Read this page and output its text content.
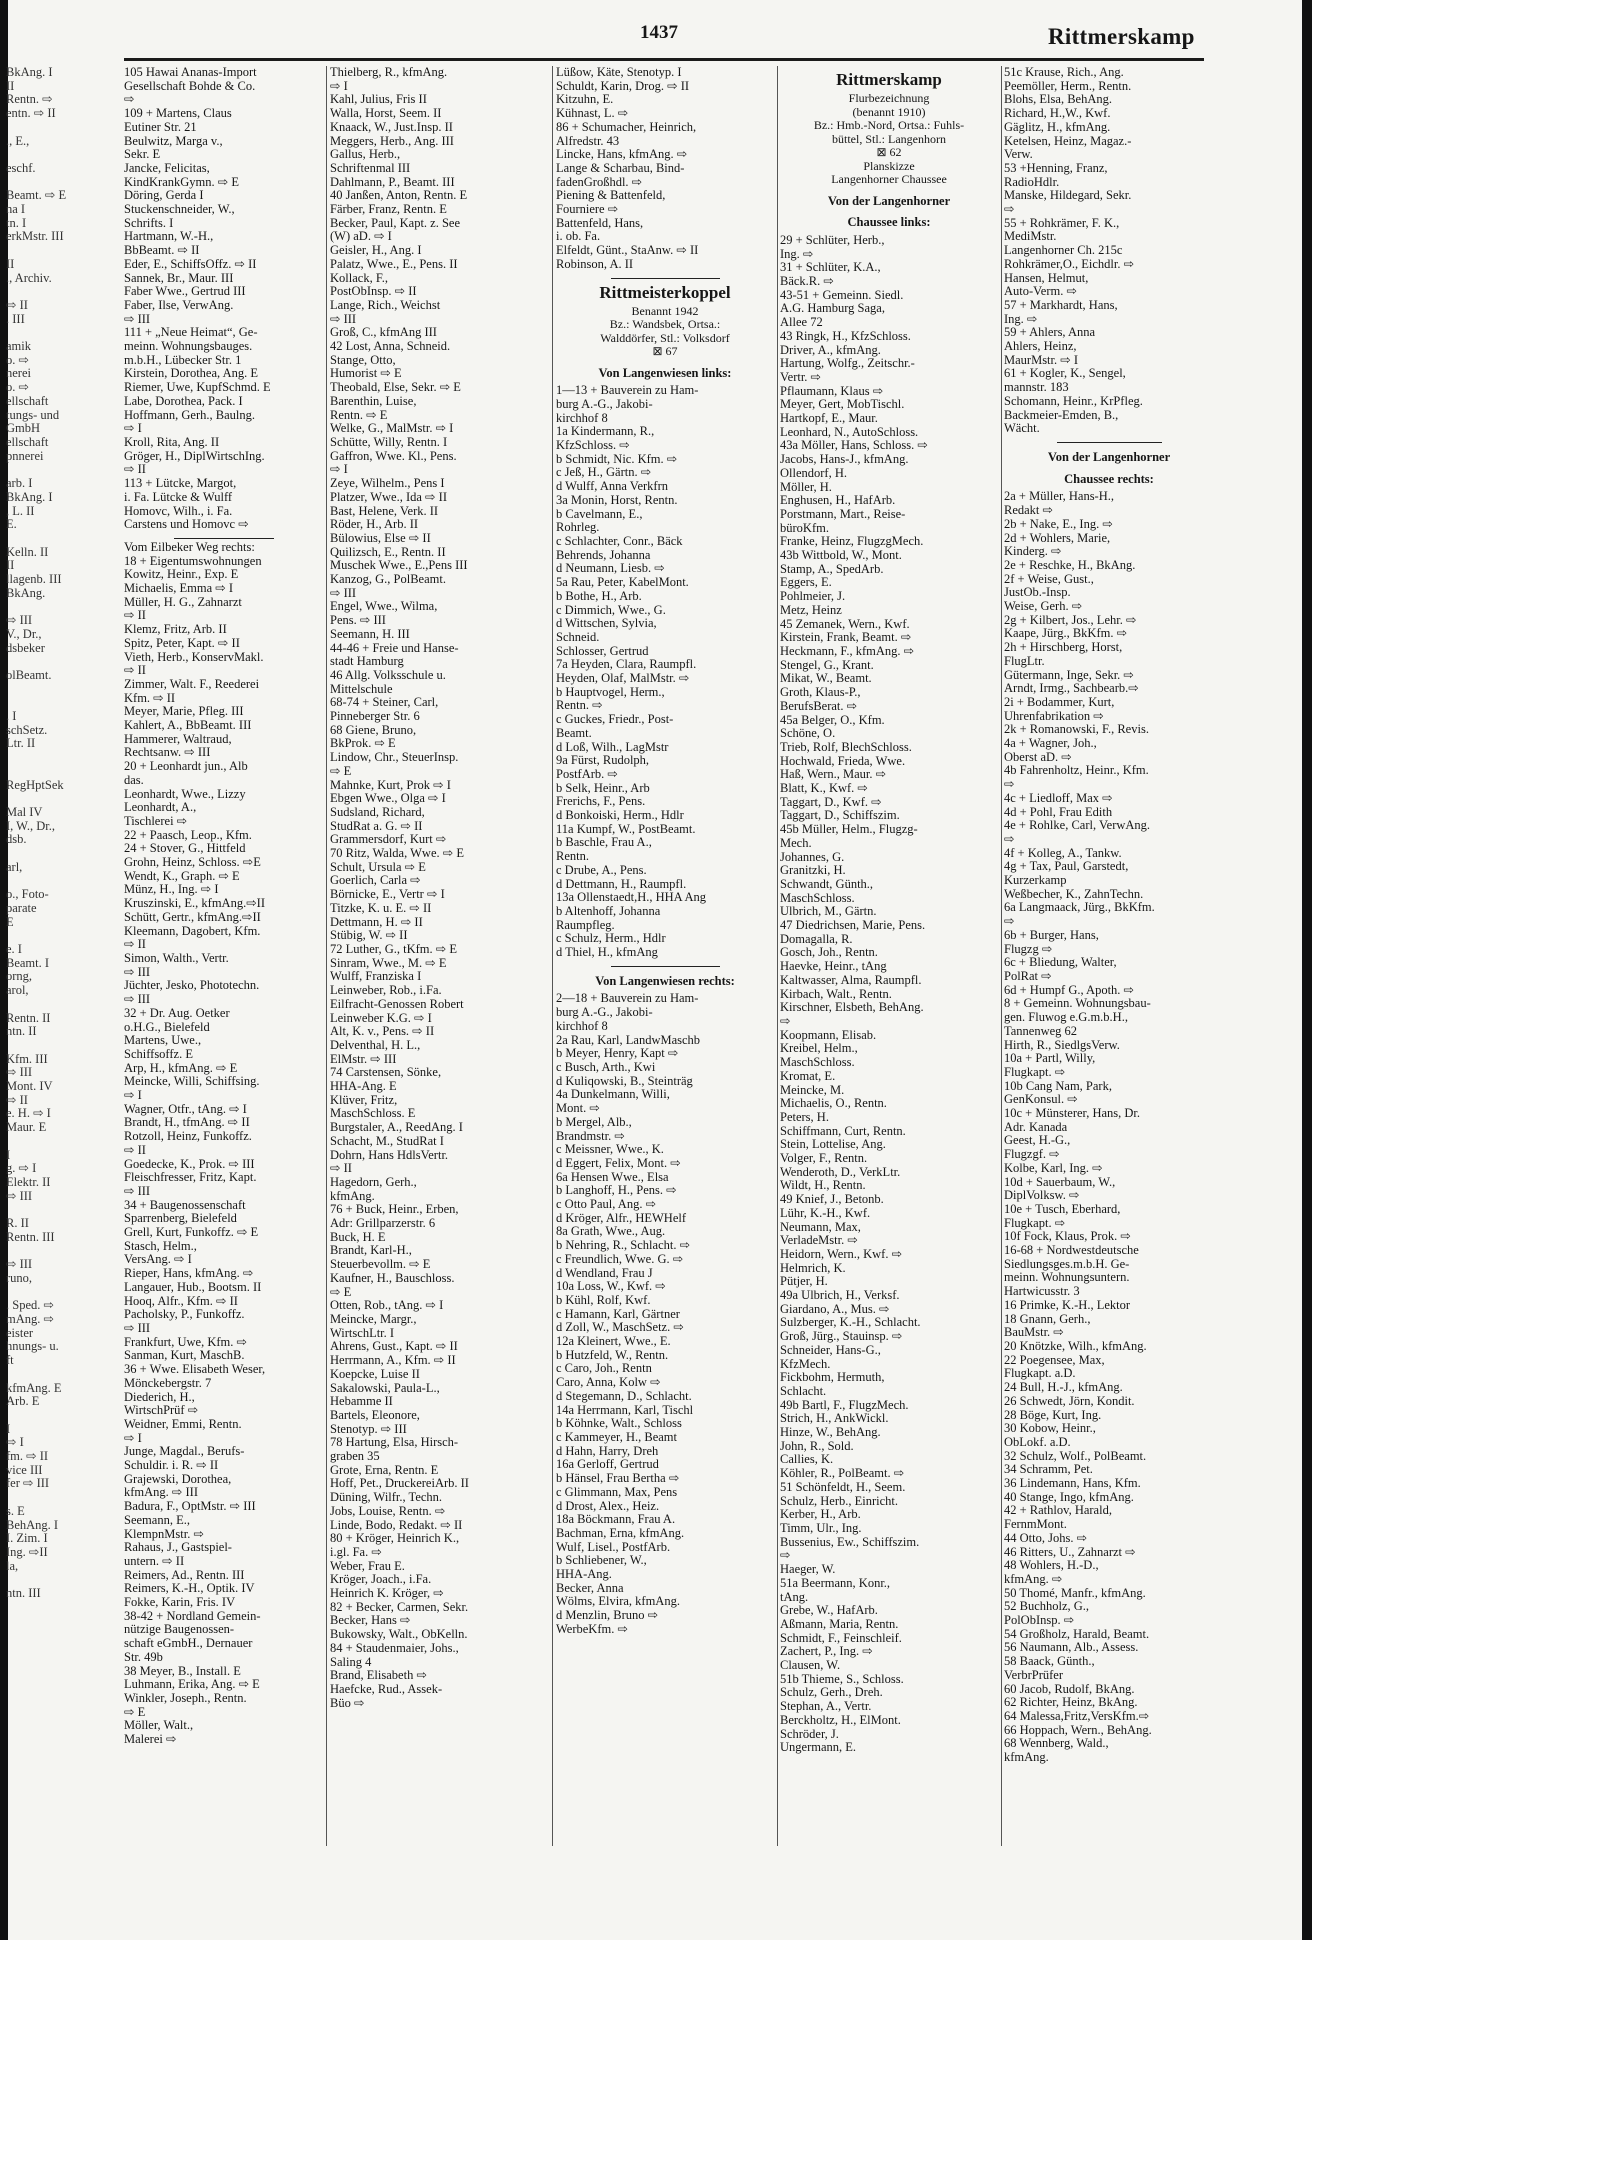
1437	Rittmerskamp
BkAng. I
II
Rentn. ⇨
entn. ⇨ II

., E.,

eschf.

Beamt. ⇨ E
na I
tn. I
erkMstr. III

II
., Archiv.

⇨ II
. III

amik
o. ⇨
nerei
o. ⇨
ellschaft
tungs- und
GmbH
ellschaft
pnnerei

arb. I
BkAng. I
, L. II
E.

Kelln. II
II
llagenb. III
BkAng.

⇨ III
V., Dr.,
dsbeker

olBeamt.

. I
schSetz.
Ltr. II

RegHptSek

Mal IV
I, W., Dr.,
dsb.

arl,

o., Foto-
parate
E

e. I
Beamt. I
orng,
arol,

Rentn. II
ntn. II

Kfm. III
⇨ III
Mont. IV
⇨ II
e. H. ⇨ I
Maur. E

I
g. ⇨ I
Elektr. II
⇨ III

R. II
Rentn. III

⇨ III
runo,

. Sped. ⇨
mAng. ⇨
eister
hnungs- u.
ft

kfmAng. E
Arb. E

I
⇨ I
fm. ⇨ II
vice III
fer ⇨ III

s. E
BehAng. I
I. Zim. I
Ing. ⇨II
la,

ntn. III
105 Hawai Ananas-Import
Gesellschaft Bohde & Co.
⇨
109 + Martens, Claus
Eutiner Str. 21
Beulwitz, Marga v.,
Sekr. E
Jancke, Felicitas,
KindKrankGymn. ⇨ E
Döring, Gerda I
Stuckenschneider, W.,
Schrifts. I
Hartmann, W.-H.,
BbBeamt. ⇨ II
Eder, E., SchiffsOffz. ⇨ II
Sannek, Br., Maur. III
Faber Wwe., Gertrud III
Faber, Ilse, VerwAng.
⇨ III
111 + „Neue Heimat“, Ge-
meinn. Wohnungsbauges.
m.b.H., Lübecker Str. 1
Kirstein, Dorothea, Ang. E
Riemer, Uwe, KupfSchmd. E
Labe, Dorothea, Pack. I
Hoffmann, Gerh., Baulng.
⇨ I
Kroll, Rita, Ang. II
Gröger, H., DiplWirtschIng.
⇨ II
113 + Lütcke, Margot,
i. Fa. Lütcke & Wulff
Homovc, Wilh., i. Fa.
Carstens und Homovc ⇨
Vom Eilbeker Weg rechts:
18 + Eigentumswohnungen
Kowitz, Heinr., Exp. E
Michaelis, Emma ⇨ I
Müller, H. G., Zahnarzt
⇨ II
Klemz, Fritz, Arb. II
Spitz, Peter, Kapt. ⇨ II
Vieth, Herb., KonservMakl.
⇨ II
Zimmer, Walt. F., Reederei
Kfm. ⇨ II
Meyer, Marie, Pfleg. III
Kahlert, A., BbBeamt. III
Hammerer, Waltraud,
Rechtsanw. ⇨ III
20 + Leonhardt jun., Alb
das.
Leonhardt, Wwe., Lizzy
Leonhardt, A.,
Tischlerei ⇨
22 + Paasch, Leop., Kfm.
24 + Stover, G., Hittfeld
Grohn, Heinz, Schloss. ⇨E
Wendt, K., Graph. ⇨ E
Münz, H., Ing. ⇨ I
Kruszinski, E., kfmAng.⇨II
Schütt, Gertr., kfmAng.⇨II
Kleemann, Dagobert, Kfm.
⇨ II
Simon, Walth., Vertr.
⇨ III
Jüchter, Jesko, Phototechn.
⇨ III
32 + Dr. Aug. Oetker
o.H.G., Bielefeld
Martens, Uwe.,
Schiffsoffz. E
Arp, H., kfmAng. ⇨ E
Meincke, Willi, Schiffsing.
⇨ I
Wagner, Otfr., tAng. ⇨ I
Brandt, H., tfmAng. ⇨ II
Rotzoll, Heinz, Funkoffz.
⇨ II
Goedecke, K., Prok. ⇨ III
Fleischfresser, Fritz, Kapt.
⇨ III
34 + Baugenossenschaft
Sparrenberg, Bielefeld
Grell, Kurt, Funkoffz. ⇨ E
Stasch, Helm.,
VersAng. ⇨ I
Rieper, Hans, kfmAng. ⇨
Langauer, Hub., Bootsm. II
Hooq, Alfr., Kfm. ⇨ II
Pacholsky, P., Funkoffz.
⇨ III
Frankfurt, Uwe, Kfm. ⇨
Sanman, Kurt, MaschB.
36 + Wwe. Elisabeth Weser,
Mönckebergstr. 7
Diederich, H.,
WirtschPrüf ⇨
Weidner, Emmi, Rentn.
⇨ I
Junge, Magdal., Berufs-
Schuldir. i. R. ⇨ II
Grajewski, Dorothea,
kfmAng. ⇨ III
Badura, F., OptMstr. ⇨ III
Seemann, E.,
KlempnMstr. ⇨
Rahaus, J., Gastspiel-
untern. ⇨ II
Reimers, Ad., Rentn. III
Reimers, K.-H., Optik. IV
Fokke, Karin, Fris. IV
38-42 + Nordland Gemein-
nützige Baugenossen-
schaft eGmbH., Dernauer
Str. 49b
38 Meyer, B., Install. E
Luhmann, Erika, Ang. ⇨ E
Winkler, Joseph., Rentn.
⇨ E
Möller, Walt.,
Malerei ⇨
Thielberg, R., kfmAng.
⇨ I
Kahl, Julius, Fris II
Walla, Horst, Seem. II
Knaack, W., Just.Insp. II
Meggers, Herb., Ang. III
Gallus, Herb.,
Schriftenmal III
Dahlmann, P., Beamt. III
40 Janßen, Anton, Rentn. E
Färber, Franz, Rentn. E
Becker, Paul, Kapt. z. See
(W) aD. ⇨ I
Geisler, H., Ang. I
Palatz, Wwe., E., Pens. II
Kollack, F.,
PostObInsp. ⇨ II
Lange, Rich., Weichst
⇨ III
Groß, C., kfmAng III
42 Lost, Anna, Schneid.
Stange, Otto,
Humorist ⇨ E
Theobald, Else, Sekr. ⇨ E
Barenthin, Luise,
Rentn. ⇨ E
Welke, G., MalMstr. ⇨ I
Schütte, Willy, Rentn. I
Gaffron, Wwe. Kl., Pens.
⇨ I
Zeye, Wilhelm., Pens I
Platzer, Wwe., Ida ⇨ II
Bast, Helene, Verk. II
Röder, H., Arb. II
Bülowius, Else ⇨ II
Quilizsch, E., Rentn. II
Muschek Wwe., E.,Pens III
Kanzog, G., PolBeamt.
⇨ III
Engel, Wwe., Wilma,
Pens. ⇨ III
Seemann, H. III
44-46 + Freie und Hanse-
stadt Hamburg
46 Allg. Volksschule u.
Mittelschule
68-74 + Steiner, Carl,
Pinneberger Str. 6
68 Giene, Bruno,
BkProk. ⇨ E
Lindow, Chr., SteuerInsp.
⇨ E
Mahnke, Kurt, Prok ⇨ I
Ebgen Wwe., Olga ⇨ I
Sudsland, Richard,
StudRat a. G. ⇨ II
Grammersdorf, Kurt ⇨
70 Ritz, Walda, Wwe. ⇨ E
Schult, Ursula ⇨ E
Goerlich, Carla ⇨
Börnicke, E., Vertr ⇨ I
Titzke, K. u. E. ⇨ II
Dettmann, H. ⇨ II
Stübig, W. ⇨ II
72 Luther, G., tKfm. ⇨ E
Sinram, Wwe., M. ⇨ E
Wulff, Franziska I
Leinweber, Rob., i.Fa.
Eilfracht-Genossen Robert
Leinweber K.G. ⇨ I
Alt, K. v., Pens. ⇨ II
Delventhal, H. L.,
ElMstr. ⇨ III
74 Carstensen, Sönke,
HHA-Ang. E
Klüver, Fritz,
MaschSchloss. E
Burgstaler, A., ReedAng. I
Schacht, M., StudRat I
Dohrn, Hans HdlsVertr.
⇨ II
Hagedorn, Gerh.,
kfmAng.
76 + Buck, Heinr., Erben,
Adr: Grillparzerstr. 6
Buck, H. E
Brandt, Karl-H.,
Steuerbevollm. ⇨ E
Kaufner, H., Bauschloss.
⇨ E
Otten, Rob., tAng. ⇨ I
Meincke, Margr.,
WirtschLtr. I
Ahrens, Gust., Kapt. ⇨ II
Herrmann, A., Kfm. ⇨ II
Koepcke, Luise II
Sakalowski, Paula-L.,
Hebamme II
Bartels, Eleonore,
Stenotyp. ⇨ III
78 Hartung, Elsa, Hirsch-
graben 35
Grote, Erna, Rentn. E
Hoff, Pet., DruckereiArb. II
Düning, Wilfr., Techn.
Jobs, Louise, Rentn. ⇨
Linde, Bodo, Redakt. ⇨ II
80 + Kröger, Heinrich K.,
i.gl. Fa. ⇨
Weber, Frau E.
Kröger, Joach., i.Fa.
Heinrich K. Kröger, ⇨
82 + Becker, Carmen, Sekr.
Becker, Hans ⇨
Bukowsky, Walt., ObKelln.
84 + Staudenmaier, Johs.,
Saling 4
Brand, Elisabeth ⇨
Haefcke, Rud., Assek-
Büo ⇨
Lüßow, Käte, Stenotyp. I
Schuldt, Karin, Drog. ⇨ II
Kitzuhn, E.
Kühnast, L. ⇨
86 + Schumacher, Heinrich,
Alfredstr. 43
Lincke, Hans, kfmAng. ⇨
Lange & Scharbau, Bind-
fadenGroßhdl. ⇨
Piening & Battenfeld,
Fourniere ⇨
Battenfeld, Hans,
i. ob. Fa.
Elfeldt, Günt., StaAnw. ⇨ II
Robinson, A. II
Rittmeisterkoppel
Benannt 1942
Bz.: Wandsbek, Ortsa.:
Walddörfer, Stl.: Volksdorf
⊠ 67
Von Langenwiesen links:
1—13 + Bauverein zu Ham-
burg A.-G., Jakobi-
kirchhof 8
1a Kindermann, R.,
KfzSchloss. ⇨
b Schmidt, Nic. Kfm. ⇨
c Jeß, H., Gärtn. ⇨
d Wulff, Anna Verkfrn
3a Monin, Horst, Rentn.
b Cavelmann, E.,
Rohrleg.
c Schlachter, Conr., Bäck
Behrends, Johanna
d Neumann, Liesb. ⇨
5a Rau, Peter, KabelMont.
b Bothe, H., Arb.
c Dimmich, Wwe., G.
d Wittschen, Sylvia,
Schneid.
Schlosser, Gertrud
7a Heyden, Clara, Raumpfl.
Heyden, Olaf, MalMstr. ⇨
b Hauptvogel, Herm.,
Rentn. ⇨
c Guckes, Friedr., Post-
Beamt.
d Loß, Wilh., LagMstr
9a Fürst, Rudolph,
PostfArb. ⇨
b Selk, Heinr., Arb
Frerichs, F., Pens.
d Bonkoiski, Herm., Hdlr
11a Kumpf, W., PostBeamt.
b Baschle, Frau A.,
Rentn.
c Drube, A., Pens.
d Dettmann, H., Raumpfl.
13a Ollenstaedt,H., HHA Ang
b Altenhoff, Johanna
Raumpfleg.
c Schulz, Herm., Hdlr
d Thiel, H., kfmAng
Von Langenwiesen rechts:
2—18 + Bauverein zu Ham-
burg A.-G., Jakobi-
kirchhof 8
2a Rau, Karl, LandwMaschb
b Meyer, Henry, Kapt ⇨
c Busch, Arth., Kwi
d Kuliqowski, B., Steinträg
4a Dunkelmann, Willi,
Mont. ⇨
b Mergel, Alb.,
Brandmstr. ⇨
c Meissner, Wwe., K.
d Eggert, Felix, Mont. ⇨
6a Hensen Wwe., Elsa
b Langhoff, H., Pens. ⇨
c Otto Paul, Ang. ⇨
d Kröger, Alfr., HEWHelf
8a Grath, Wwe., Aug.
b Nehring, R., Schlacht. ⇨
c Freundlich, Wwe. G. ⇨
d Wendland, Frau J
10a Loss, W., Kwf. ⇨
b Kühl, Rolf, Kwf.
c Hamann, Karl, Gärtner
d Zoll, W., MaschSetz. ⇨
12a Kleinert, Wwe., E.
b Hutzfeld, W., Rentn.
c Caro, Joh., Rentn
Caro, Anna, Kolw ⇨
d Stegemann, D., Schlacht.
14a Herrmann, Karl, Tischl
b Köhnke, Walt., Schloss
c Kammeyer, H., Beamt
d Hahn, Harry, Dreh
16a Gerloff, Gertrud
b Hänsel, Frau Bertha ⇨
c Glimmann, Max, Pens
d Drost, Alex., Heiz.
18a Böckmann, Frau A.
Bachman, Erna, kfmAng.
Wulf, Lisel., PostfArb.
b Schliebener, W.,
HHA-Ang.
Becker, Anna
Wölms, Elvira, kfmAng.
d Menzlin, Bruno ⇨
WerbeKfm. ⇨
Rittmerskamp
Flurbezeichnung
(benannt 1910)
Bz.: Hmb.-Nord, Ortsa.: Fuhls-
büttel, Stl.: Langenhorn
⊠ 62
Planskizze
Langenhorner Chaussee
Von der Langenhorner
Chaussee links:
29 + Schlüter, Herb.,
Ing. ⇨
31 + Schlüter, K.A.,
Bäck.R. ⇨
43-51 + Gemeinn. Siedl.
A.G. Hamburg Saga,
Allee 72
43 Ringk, H., KfzSchloss.
Driver, A., kfmAng.
Hartung, Wolfg., Zeitschr.-
Vertr. ⇨
Pflaumann, Klaus ⇨
Meyer, Gert, MobTischl.
Hartkopf, E., Maur.
Leonhard, N., AutoSchloss.
43a Möller, Hans, Schloss. ⇨
Jacobs, Hans-J., kfmAng.
Ollendorf, H.
Möller, H.
Enghusen, H., HafArb.
Porstmann, Mart., Reise-
büroKfm.
Franke, Heinz, FlugzgMech.
43b Wittbold, W., Mont.
Stamp, A., SpedArb.
Eggers, E.
Pohlmeier, J.
Metz, Heinz
45 Zemanek, Wern., Kwf.
Kirstein, Frank, Beamt. ⇨
Heckmann, F., kfmAng. ⇨
Stengel, G., Krant.
Mikat, W., Beamt.
Groth, Klaus-P.,
BerufsBerat. ⇨
45a Belger, O., Kfm.
Schöne, O.
Trieb, Rolf, BlechSchloss.
Hochwald, Frieda, Wwe.
Haß, Wern., Maur. ⇨
Blatt, K., Kwf. ⇨
Taggart, D., Kwf. ⇨
Taggart, D., Schiffszim.
45b Müller, Helm., Flugzg-
Mech.
Johannes, G.
Granitzki, H.
Schwandt, Günth.,
MaschSchloss.
Ulbrich, M., Gärtn.
47 Diedrichsen, Marie, Pens.
Domagalla, R.
Gosch, Joh., Rentn.
Haevke, Heinr., tAng
Kaltwasser, Alma, Raumpfl.
Kirbach, Walt., Rentn.
Kirschner, Elsbeth, BehAng.
⇨
Koopmann, Elisab.
Kreibel, Helm.,
MaschSchloss.
Kromat, E.
Meincke, M.
Michaelis, O., Rentn.
Peters, H.
Schiffmann, Curt, Rentn.
Stein, Lottelise, Ang.
Volger, F., Rentn.
Wenderoth, D., VerkLtr.
Wildt, H., Rentn.
49 Knief, J., Betonb.
Lühr, K.-H., Kwf.
Neumann, Max,
VerladeMstr. ⇨
Heidorn, Wern., Kwf. ⇨
Helmrich, K.
Pütjer, H.
49a Ulbrich, H., Verksf.
Giardano, A., Mus. ⇨
Sulzberger, K.-H., Schlacht.
Groß, Jürg., Stauinsp. ⇨
Schneider, Hans-G.,
KfzMech.
Fickbohm, Hermuth,
Schlacht.
49b Bartl, F., FlugzMech.
Strich, H., AnkWickl.
Hinze, W., BehAng.
John, R., Sold.
Callies, K.
Köhler, R., PolBeamt. ⇨
51 Schönfeldt, H., Seem.
Schulz, Herb., Einricht.
Kerber, H., Arb.
Timm, Ulr., Ing.
Bussenius, Ew., Schiffszim.
⇨
Haeger, W.
51a Beermann, Konr.,
tAng.
Grebe, W., HafArb.
Aßmann, Maria, Rentn.
Schmidt, F., Feinschleif.
Zachert, P., Ing. ⇨
Clausen, W.
51b Thieme, S., Schloss.
Schulz, Gerh., Dreh.
Stephan, A., Vertr.
Berckholtz, H., ElMont.
Schröder, J.
Ungermann, E.
51c Krause, Rich., Ang.
Peemöller, Herm., Rentn.
Blohs, Elsa, BehAng.
Richard, H.,W., Kwf.
Gäglitz, H., kfmAng.
Ketelsen, Heinz, Magaz.-
Verw.
53 +Henning, Franz,
RadioHdlr.
Manske, Hildegard, Sekr.
⇨
55 + Rohkrämer, F. K.,
MediMstr.
Langenhorner Ch. 215c
Rohkrämer,O., Eichdlr. ⇨
Hansen, Helmut,
Auto-Verm. ⇨
57 + Markhardt, Hans,
Ing. ⇨
59 + Ahlers, Anna
Ahlers, Heinz,
MaurMstr. ⇨ I
61 + Kogler, K., Sengel,
mannstr. 183
Schomann, Heinr., KrPfleg.
Backmeier-Emden, B.,
Wächt.
Von der Langenhorner
Chaussee rechts:
2a + Müller, Hans-H.,
Redakt ⇨
2b + Nake, E., Ing. ⇨
2d + Wohlers, Marie,
Kinderg. ⇨
2e + Reschke, H., BkAng.
2f + Weise, Gust.,
JustOb.-Insp.
Weise, Gerh. ⇨
2g + Kilbert, Jos., Lehr. ⇨
Kaape, Jürg., BkKfm. ⇨
2h + Hirschberg, Horst,
FlugLtr.
Gütermann, Inge, Sekr. ⇨
Arndt, Irmg., Sachbearb.⇨
2i + Bodammer, Kurt,
Uhrenfabrikation ⇨
2k + Romanowski, F., Revis.
4a + Wagner, Joh.,
Oberst aD. ⇨
4b Fahrenholtz, Heinr., Kfm.
⇨
4c + Liedloff, Max ⇨
4d + Pohl, Frau Edith
4e + Rohlke, Carl, VerwAng.
⇨
4f + Kolleg, A., Tankw.
4g + Tax, Paul, Garstedt,
Kurzerkamp
Weßbecher, K., ZahnTechn.
6a Langmaack, Jürg., BkKfm.
⇨
6b + Burger, Hans,
Flugzg ⇨
6c + Bliedung, Walter,
PolRat ⇨
6d + Humpf G., Apoth. ⇨
8 + Gemeinn. Wohnungsbau-
gen. Fluwog e.G.m.b.H.,
Tannenweg 62
Hirth, R., SiedlgsVerw.
10a + Partl, Willy,
Flugkapt. ⇨
10b Cang Nam, Park,
GenKonsul. ⇨
10c + Münsterer, Hans, Dr.
Adr. Kanada
Geest, H.-G.,
Flugzgf. ⇨
Kolbe, Karl, Ing. ⇨
10d + Sauerbaum, W.,
DiplVolksw. ⇨
10e + Tusch, Eberhard,
Flugkapt. ⇨
10f Fock, Klaus, Prok. ⇨
16-68 + Nordwestdeutsche
Siedlungsges.m.b.H. Ge-
meinn. Wohnungsuntern.
Hartwicusstr. 3
16 Primke, K.-H., Lektor
18 Gnann, Gerh.,
BauMstr. ⇨
20 Knötzke, Wilh., kfmAng.
22 Poegensee, Max,
Flugkapt. a.D.
24 Bull, H.-J., kfmAng.
26 Schwedt, Jörn, Kondit.
28 Böge, Kurt, Ing.
30 Kobow, Heinr.,
ObLokf. a.D.
32 Schulz, Wolf., PolBeamt.
34 Schramm, Pet.
36 Lindemann, Hans, Kfm.
40 Stange, Ingo, kfmAng.
42 + Rathlov, Harald,
FernmMont.
44 Otto, Johs. ⇨
46 Ritters, U., Zahnarzt ⇨
48 Wohlers, H.-D.,
kfmAng. ⇨
50 Thomé, Manfr., kfmAng.
52 Buchholz, G.,
PolObInsp. ⇨
54 Großholz, Harald, Beamt.
56 Naumann, Alb., Assess.
58 Baack, Günth.,
VerbrPrüfer
60 Jacob, Rudolf, BkAng.
62 Richter, Heinz, BkAng.
64 Malessa,Fritz,VersKfm.⇨
66 Hoppach, Wern., BehAng.
68 Wennberg, Wald.,
kfmAng.
